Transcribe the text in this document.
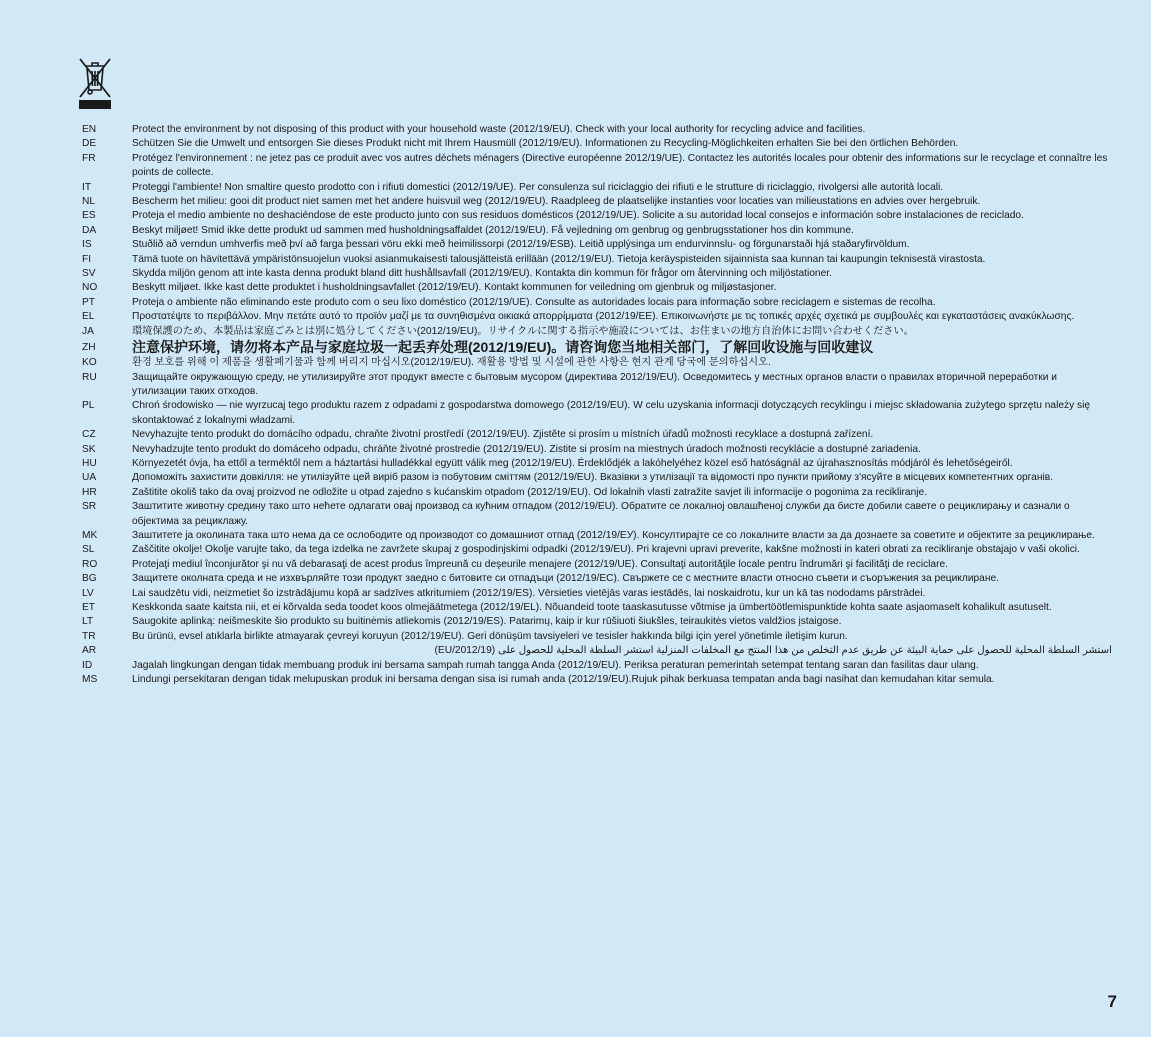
EN	Protect the environment by not disposing of this product with your household waste (2012/19/EU). Check with your local authority for recycling advice and facilities.
DE	Schützen Sie die Umwelt und entsorgen Sie dieses Produkt nicht mit Ihrem Hausmüll (2012/19/EU). Informationen zu Recycling-Möglichkeiten erhalten Sie bei den örtlichen Behörden.
FR	Protégez l'environnement : ne jetez pas ce produit avec vos autres déchets ménagers (Directive européenne 2012/19/UE). Contactez les autorités locales pour obtenir des informations sur le recyclage et connaître les points de collecte.
IT	Proteggi l'ambiente! Non smaltire questo prodotto con i rifiuti domestici (2012/19/UE). Per consulenza sul riciclaggio dei rifiuti e le strutture di riciclaggio, rivolgersi alle autorità locali.
NL	Bescherm het milieu: gooi dit product niet samen met het andere huisvuil weg (2012/19/EU). Raadpleeg de plaatselijke instanties voor locaties van milieustations en advies over hergebruik.
ES	Proteja el medio ambiente no deshaciéndose de este producto junto con sus residuos domésticos (2012/19/UE). Solicite a su autoridad local consejos e información sobre instalaciones de reciclado.
DA	Beskyt miljøet! Smid ikke dette produkt ud sammen med husholdningsaffaldet (2012/19/EU). Få vejledning om genbrug og genbrugsstationer hos din kommune.
IS	Stuðlið að verndun umhverfis með því að farga þessari vöru ekki með heimilissorpi (2012/19/ESB). Leitið upplýsinga um endurvinnslu- og förgunarstaði hjá staðaryfirvöldum.
FI	Tämä tuote on hävitettävä ympäristönsuojelun vuoksi asianmukaisesti talousjätteistä erillään (2012/19/EU). Tietoja keräyspisteiden sijainnista saa kunnan tai kaupungin teknisestä virastosta.
SV	Skydda miljön genom att inte kasta denna produkt bland ditt hushållsavfall (2012/19/EU). Kontakta din kommun för frågor om återvinning och miljöstationer.
NO	Beskytt miljøet. Ikke kast dette produktet i husholdningsavfallet (2012/19/EU). Kontakt kommunen for veiledning om gjenbruk og miljøstasjoner.
PT	Proteja o ambiente não eliminando este produto com o seu lixo doméstico (2012/19/UE). Consulte as autoridades locais para informação sobre reciclagem e sistemas de recolha.
EL	Προστατέψτε το περιβάλλον. Μην πετάτε αυτό το προϊόν μαζί με τα συνηθισμένα οικιακά απορρίμματα (2012/19/ΕΕ). Επικοινωνήστε με τις τοπικές αρχές σχετικά με συμβουλές και εγκαταστάσεις ανακύκλωσης.
JA	環境保護のため、本製品は家庭ごみとは別に処分してください(2012/19/EU)。リサイクルに関する指示や施設については、お住まいの地方自治体にお問い合わせください。
ZH	注意保护环境，请勿将本产品与家庭垃圾一起丢弃处理(2012/19/EU)。请咨询您当地相关部门，了解回收设施与回收建议
KO	환경 보호를 위해 이 제품을 생활폐기물과 함께 버리지 마십시오(2012/19/EU). 재활용 방법 및 시설에 관한 사항은 현지 관계 당국에 문의하십시오.
RU	Защищайте окружающую среду, не утилизируйте этот продукт вместе с бытовым мусором (директива 2012/19/EU). Осведомитесь у местных органов власти о правилах вторичной переработки и утилизации таких отходов.
PL	Chroń środowisko — nie wyrzucaj tego produktu razem z odpadami z gospodarstwa domowego (2012/19/EU). W celu uzyskania informacji dotyczących recyklingu i miejsc składowania zużytego sprzętu należy się skontaktować z lokalnymi władzami.
CZ	Nevyhazujte tento produkt do domácího odpadu, chraňte životní prostředí (2012/19/EU). Zjistěte si prosím u místních úřadů možnosti recyklace a dostupná zařízení.
SK	Nevyhadzujte tento produkt do domáceho odpadu, chráňte životné prostredie (2012/19/EU). Zistite si prosím na miestnych úradoch možnosti recyklácie a dostupné zariadenia.
HU	Környezetét óvja, ha ettől a terméktől nem a háztartási hulladékkal együtt válik meg (2012/19/EU). Érdeklődjék a lakóhelyéhez közel eső hatóságnál az újrahasznosítás módjáról és lehetőségeiről.
UA	Допоможіть захистити довкілля: не утилізуйте цей виріб разом із побутовим сміттям (2012/19/EU). Вказівки з утилізації та відомості про пункти прийому з'ясуйте в місцевих компетентних органів.
HR	Zaštitite okoliš tako da ovaj proizvod ne odložite u otpad zajedno s kućanskim otpadom (2012/19/EU). Od lokalnih vlasti zatražite savjet ili informacije o pogonima za recikliranje.
SR	Заштитите животну средину тако што нећете одлагати овај производ са кућним отпадом (2012/19/EU). Обратите се локалној овлашћеној служби да бисте добили савете о рециклирању и сазнали о објектима за рециклажу.
MK	Заштитете ја околината така што нема да се ослободите од производот со домашниот отпад (2012/19/ЕУ). Консултирајте се со локалните власти за да дознаете за советите и објектите за рециклирање.
SL	Zaščitite okolje! Okolje varujte tako, da tega izdelka ne zavržete skupaj z gospodinjskimi odpadki (2012/19/EU). Pri krajevni upravi preverite, kakšne možnosti in kateri obrati za recikliranje obstajajo v vaši okolici.
RO	Protejaţi mediul înconjurător şi nu vă debarasaţi de acest produs împreună cu deşeurile menajere (2012/19/UE). Consultaţi autorităţile locale pentru îndrumări şi facilităţi de reciclare.
BG	Защитете околната среда и не изхвърляйте този продукт заедно с битовите си отпадъци (2012/19/ЕС). Свържете се с местните власти относно съвети и съоръжения за рециклиране.
LV	Lai saudzētu vidi, neizmetiet šo izstrādājumu kopā ar sadzīves atkritumiem (2012/19/ES). Vērsieties vietējās varas iestādēs, lai noskaidrotu, kur un kā tas nododams pārstrādei.
ET	Keskkonda saate kaitsta nii, et ei kõrvalda seda toodet koos olmejäätmetega (2012/19/EL). Nõuandeid toote taaskasutusse võtmise ja ümbertöötlemispunktide kohta saate asjaomaselt kohalikult asutuselt.
LT	Saugokite aplinką: neišmeskite šio produkto su buitinėmis atliekomis (2012/19/ES). Patarimų, kaip ir kur rūšiuoti šiukšles, teiraukitės vietos valdžios įstaigose.
TR	Bu ürünü, evsel atıklarla birlikte atmayarak çevreyi koruyun (2012/19/EU). Geri dönüşüm tavsiyeleri ve tesisler hakkında bilgi için yerel yönetimle iletişim kurun.
AR	استشر السلطة المحلية للحصول على حماية البيئة عن طريق عدم التخلص من هذا المنتج مع المخلفات المنزلية استشر السلطة المحلية للحصول على (2012/19/EU)
ID	Jagalah lingkungan dengan tidak membuang produk ini bersama sampah rumah tangga Anda (2012/19/EU). Periksa peraturan pemerintah setempat tentang saran dan fasilitas daur ulang.
MS	Lindungi persekitaran dengan tidak melupuskan produk ini bersama dengan sisa isi rumah anda (2012/19/EU).Rujuk pihak berkuasa tempatan anda bagi nasihat dan kemudahan kitar semula.
7
